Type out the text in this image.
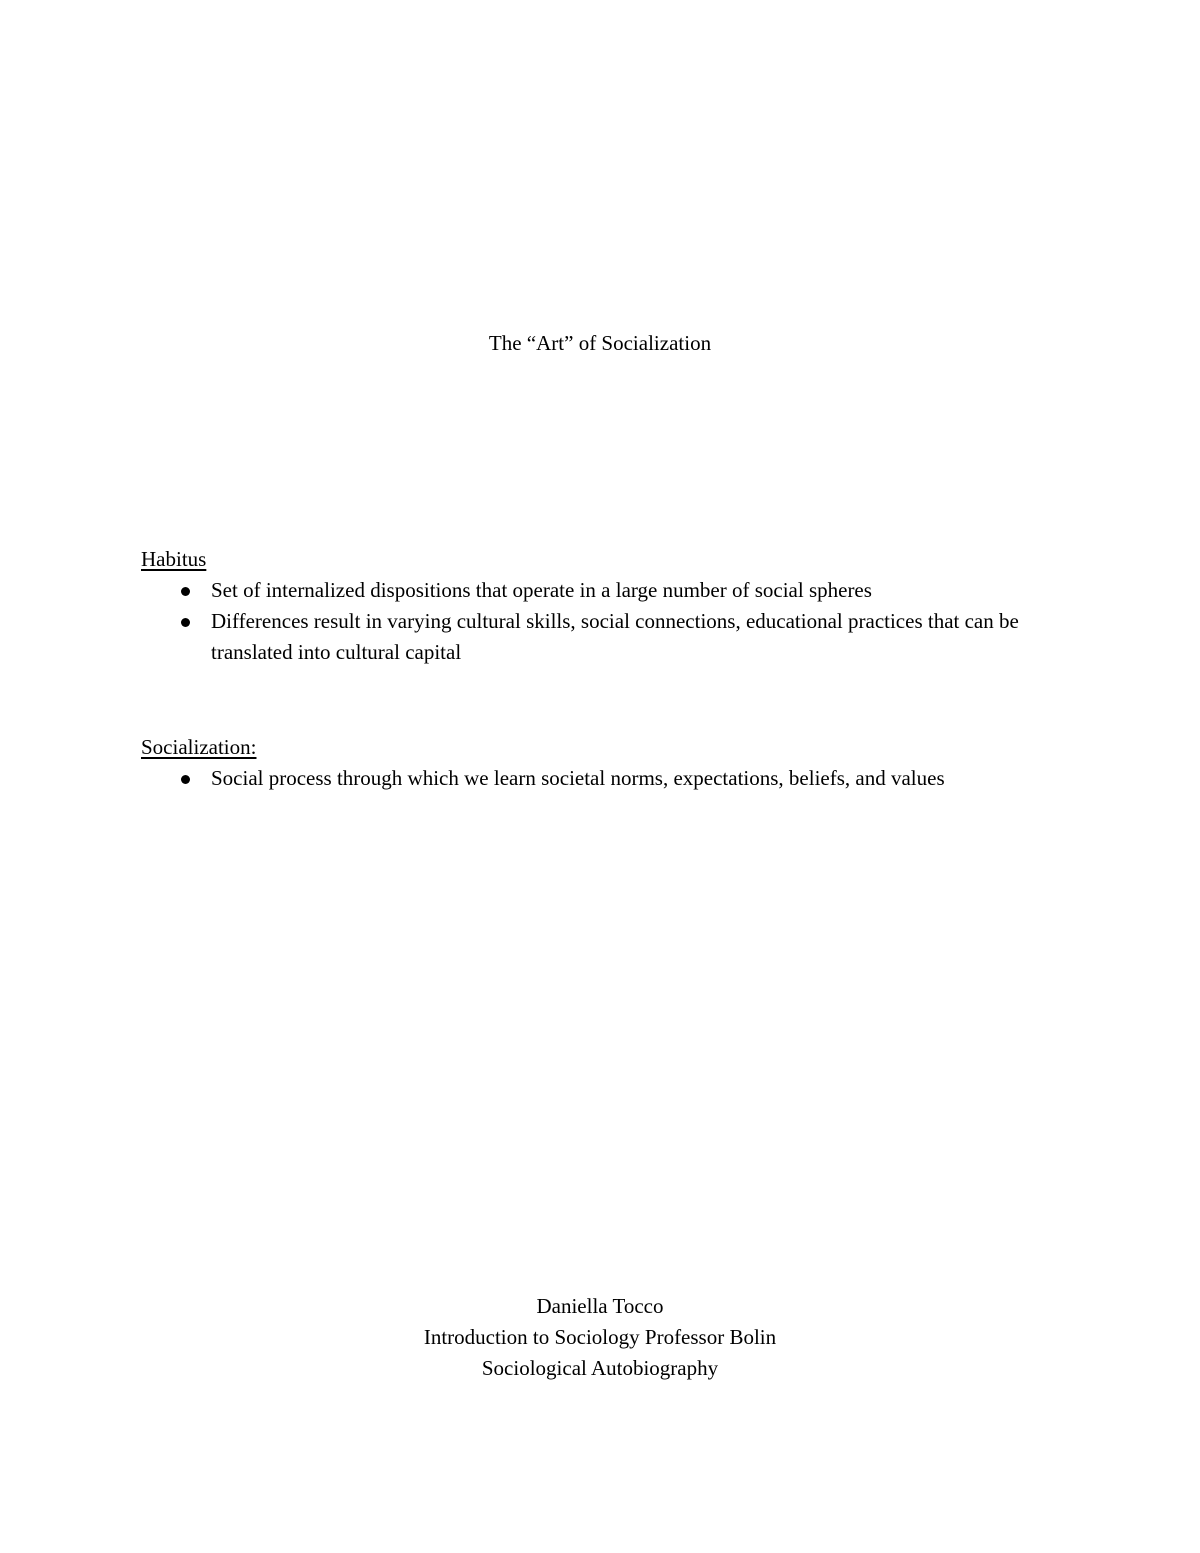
The “Art” of Socialization
Habitus
Set of internalized dispositions that operate in a large number of social spheres
Differences result in varying cultural skills, social connections, educational practices that can be translated into cultural capital
Socialization:
Social process through which we learn societal norms, expectations, beliefs, and values
Daniella Tocco
Introduction to Sociology Professor Bolin
Sociological Autobiography
